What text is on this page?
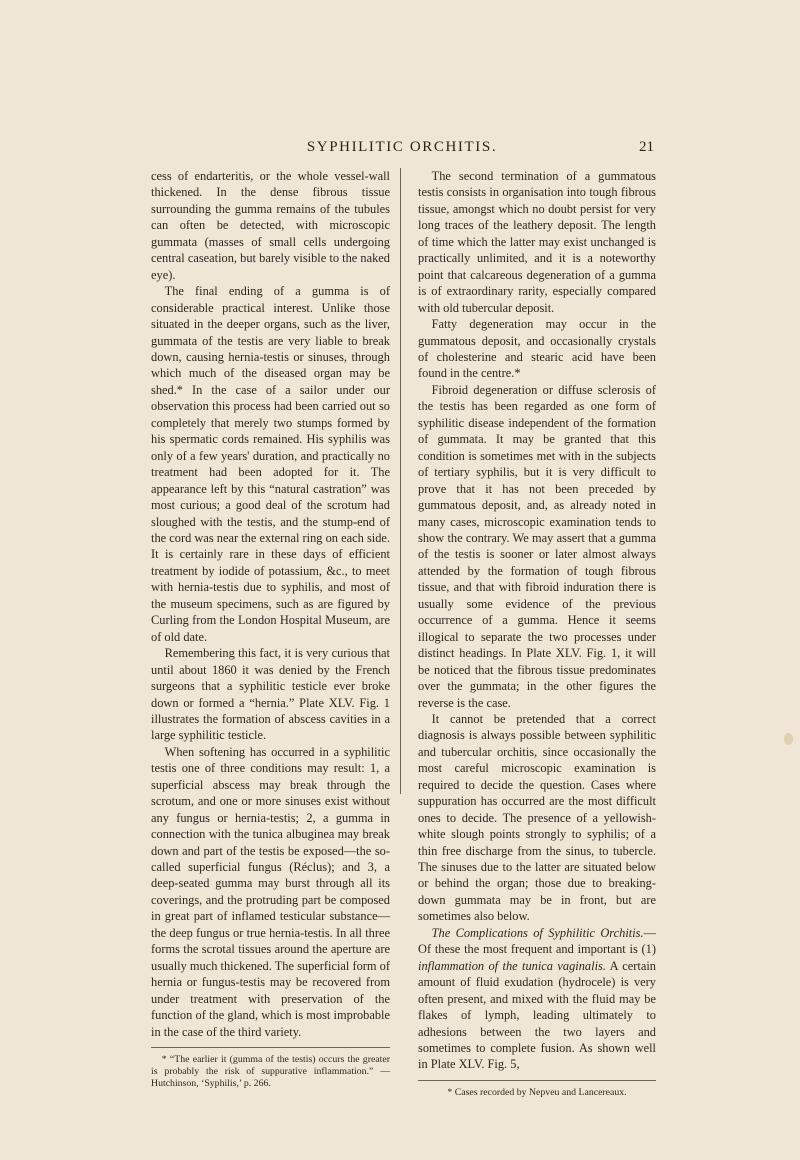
SYPHILITIC ORCHITIS.	21

cess of endarteritis, or the whole vessel-wall thickened. In the dense fibrous tissue surrounding the gumma remains of the tubules can often be detected, with microscopic gummata (masses of small cells undergoing central caseation, but barely visible to the naked eye).

The final ending of a gumma is of considerable practical interest. Unlike those situated in the deeper organs, such as the liver, gummata of the testis are very liable to break down, causing hernia-testis or sinuses, through which much of the diseased organ may be shed.* In the case of a sailor under our observation this process had been carried out so completely that merely two stumps formed by his spermatic cords remained. His syphilis was only of a few years' duration, and practically no treatment had been adopted for it. The appearance left by this “natural castration” was most curious; a good deal of the scrotum had sloughed with the testis, and the stump-end of the cord was near the external ring on each side. It is certainly rare in these days of efficient treatment by iodide of potassium, &c., to meet with hernia-testis due to syphilis, and most of the museum specimens, such as are figured by Curling from the London Hospital Museum, are of old date.

Remembering this fact, it is very curious that until about 1860 it was denied by the French surgeons that a syphilitic testicle ever broke down or formed a “hernia.” Plate XLV. Fig. 1 illustrates the formation of abscess cavities in a large syphilitic testicle.

When softening has occurred in a syphilitic testis one of three conditions may result: 1, a superficial abscess may break through the scrotum, and one or more sinuses exist without any fungus or hernia-testis; 2, a gumma in connection with the tunica albuginea may break down and part of the testis be exposed—the so-called superficial fungus (Réclus); and 3, a deep-seated gumma may burst through all its coverings, and the protruding part be composed in great part of inflamed testicular substance—the deep fungus or true hernia-testis. In all three forms the scrotal tissues around the aperture are usually much thickened. The superficial form of hernia or fungus-testis may be recovered from under treatment with preservation of the function of the gland, which is most improbable in the case of the third variety.

* “The earlier it (gumma of the testis) occurs the greater is probably the risk of suppurative inflammation.” —Hutchinson, ‘Syphilis,’ p. 266.

The second termination of a gummatous testis consists in organisation into tough fibrous tissue, amongst which no doubt persist for very long traces of the leathery deposit. The length of time which the latter may exist unchanged is practically unlimited, and it is a noteworthy point that calcareous degeneration of a gumma is of extraordinary rarity, especially compared with old tubercular deposit.

Fatty degeneration may occur in the gummatous deposit, and occasionally crystals of cholesterine and stearic acid have been found in the centre.*

Fibroid degeneration or diffuse sclerosis of the testis has been regarded as one form of syphilitic disease independent of the formation of gummata. It may be granted that this condition is sometimes met with in the subjects of tertiary syphilis, but it is very difficult to prove that it has not been preceded by gummatous deposit, and, as already noted in many cases, microscopic examination tends to show the contrary. We may assert that a gumma of the testis is sooner or later almost always attended by the formation of tough fibrous tissue, and that with fibroid induration there is usually some evidence of the previous occurrence of a gumma. Hence it seems illogical to separate the two processes under distinct headings. In Plate XLV. Fig. 1, it will be noticed that the fibrous tissue predominates over the gummata; in the other figures the reverse is the case.

It cannot be pretended that a correct diagnosis is always possible between syphilitic and tubercular orchitis, since occasionally the most careful microscopic examination is required to decide the question. Cases where suppuration has occurred are the most difficult ones to decide. The presence of a yellowish-white slough points strongly to syphilis; of a thin free discharge from the sinus, to tubercle. The sinuses due to the latter are situated below or behind the organ; those due to breaking-down gummata may be in front, but are sometimes also below.

The Complications of Syphilitic Orchitis.—Of these the most frequent and important is (1) inflammation of the tunica vaginalis. A certain amount of fluid exudation (hydrocele) is very often present, and mixed with the fluid may be flakes of lymph, leading ultimately to adhesions between the two layers and sometimes to complete fusion. As shown well in Plate XLV. Fig. 5,

* Cases recorded by Nepveu and Lancereaux.
